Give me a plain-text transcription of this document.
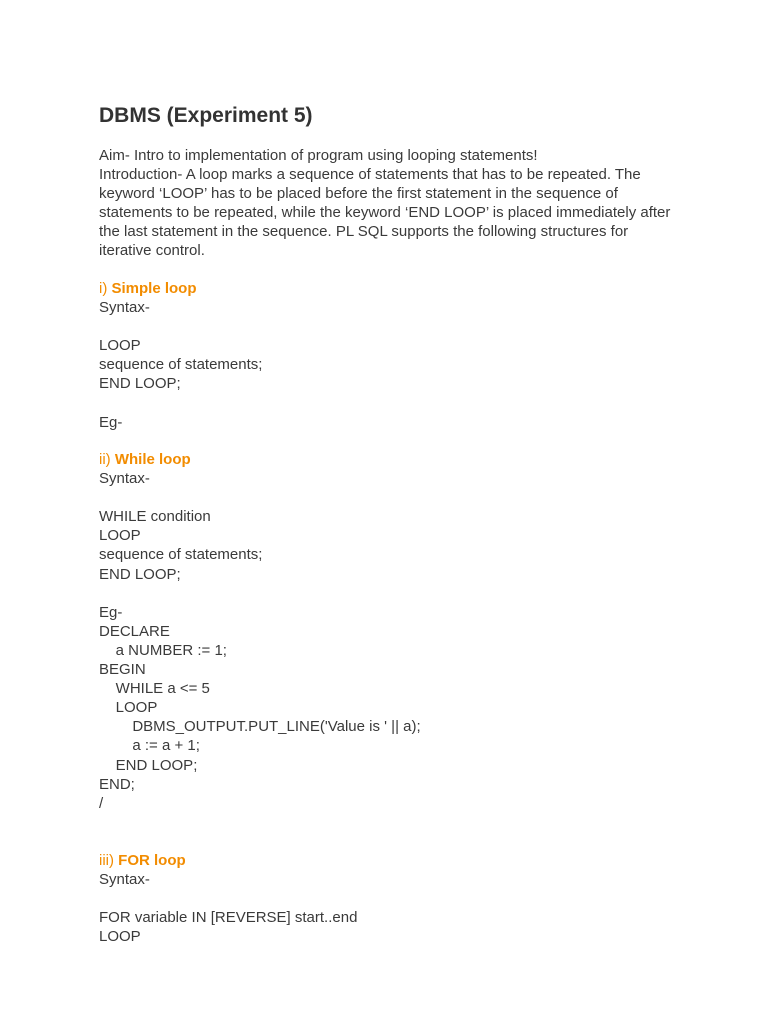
DBMS (Experiment 5)

Aim- Intro to implementation of program using looping statements!

Introduction- A loop marks a sequence of statements that has to be repeated. The keyword ‘LOOP’ has to be placed before the first statement in the sequence of statements to be repeated, while the keyword ‘END LOOP’ is placed immediately after the last statement in the sequence. PL SQL supports the following structures for iterative control.

i) Simple loop
Syntax-
LOOP
sequence of statements;
END LOOP;
Eg-
ii) While loop
Syntax-
WHILE condition
LOOP
sequence of statements;
END LOOP;
Eg-
DECLARE
a NUMBER := 1;
BEGIN
WHILE a <= 5
LOOP
DBMS_OUTPUT.PUT_LINE('Value is ' || a);
a := a + 1;
END LOOP;
END;
/
iii) FOR loop
Syntax-
FOR variable IN [REVERSE] start..end
LOOP
